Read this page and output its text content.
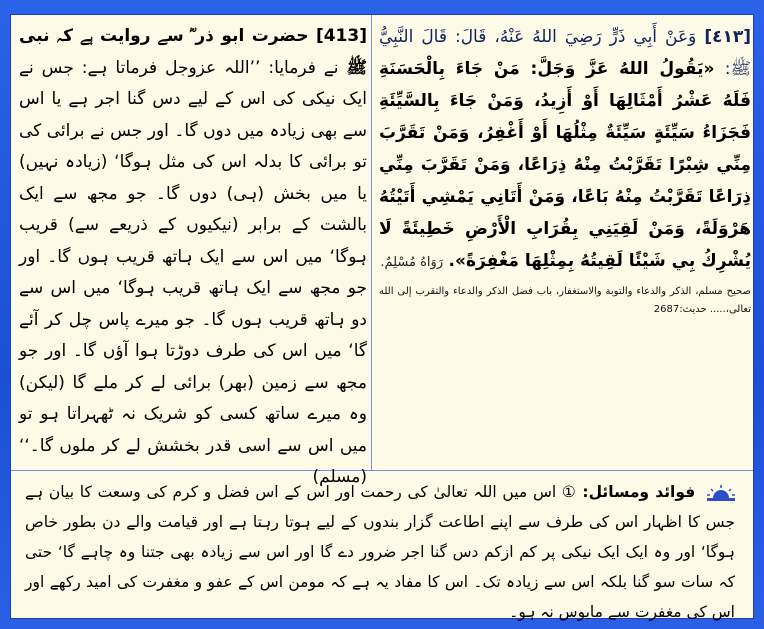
[٤١٣] وَعَنْ أَبِي ذَرٍّ رَضِيَ اللهُ عَنْهُ، قَالَ: قَالَ النَّبِيُّ ﷺ: «يَقُولُ اللهُ عَزَّ وَجَلَّ: مَنْ جَاءَ بِالْحَسَنَةِ فَلَهُ عَشْرُ أَمْثَالِهَا أَوْ أَزِيدُ، وَمَنْ جَاءَ بِالسَّيِّئَةِ فَجَزَاءُ سَيِّئَةٍ سَيِّئَةٌ مِثْلُهَا أَوْ أَغْفِرُ، وَمَنْ تَقَرَّبَ مِنِّي شِبْرًا تَقَرَّبْتُ مِنْهُ ذِرَاعًا، وَمَنْ تَقَرَّبَ مِنِّي ذِرَاعًا تَقَرَّبْتُ مِنْهُ بَاعًا، وَمَنْ أَتَانِي يَمْشِي أَتَيْتُهُ هَرْوَلَةً، وَمَنْ لَقِيَنِي بِقُرَابِ الْأَرْضِ خَطِيئَةً لَا يُشْرِكُ بِي شَيْئًا لَقِيتُهُ بِمِثْلِهَا مَغْفِرَةً». رَوَاهُ مُسْلِمٌ.
صحیح مسلم، الذکر والدعاء والتوبة والاستغفار، باب فضل الذکر والدعاء والتقرب إلى الله تعالى،..... حدیث:2687
[413] حضرت ابو ذر ؓ سے روایت ہے کہ نبی ﷺ نے فرمایا: ’’اللہ عزوجل فرماتا ہے: جس نے ایک نیکی کی اس کے لیے دس گنا اجر ہے یا اس سے بھی زیادہ میں دوں گا۔ اور جس نے برائی کی تو برائی کا بدلہ اس کی مثل ہوگا‘ (زیادہ نہیں) یا میں بخش (ہی) دوں گا۔ جو مجھ سے ایک بالشت کے برابر (نیکیوں کے ذریعے سے) قریب ہوگا‘ میں اس سے ایک ہاتھ قریب ہوں گا۔ اور جو مجھ سے ایک ہاتھ قریب ہوگا‘ میں اس سے دو ہاتھ قریب ہوں گا۔ جو میرے پاس چل کر آئے گا‘ میں اس کی طرف دوڑتا ہوا آؤں گا۔ اور جو مجھ سے زمین (بھر) برائی لے کر ملے گا (لیکن) وہ میرے ساتھ کسی کو شریک نہ ٹھہراتا ہو تو میں اس سے اسی قدر بخشش لے کر ملوں گا۔‘‘ (مسلم)
فوائد ومسائل: ① اس میں اللہ تعالیٰ کی رحمت اور اس کے اس فضل و کرم کی وسعت کا بیان ہے جس کا اظہار اس کی طرف سے اپنے اطاعت گزار بندوں کے لیے ہوتا رہتا ہے اور قیامت والے دن بطور خاص ہوگا‘ اور وہ ایک ایک نیکی پر کم ازکم دس گنا اجر ضرور دے گا اور اس سے زیادہ بھی جتنا وہ چاہے گا‘ حتی کہ سات سو گنا بلکہ اس سے زیادہ تک۔ اس کا مفاد یہ ہے کہ مومن اس کے عفو و مغفرت کی امید رکھے اور اس کی مغفرت سے مایوس نہ ہو۔
